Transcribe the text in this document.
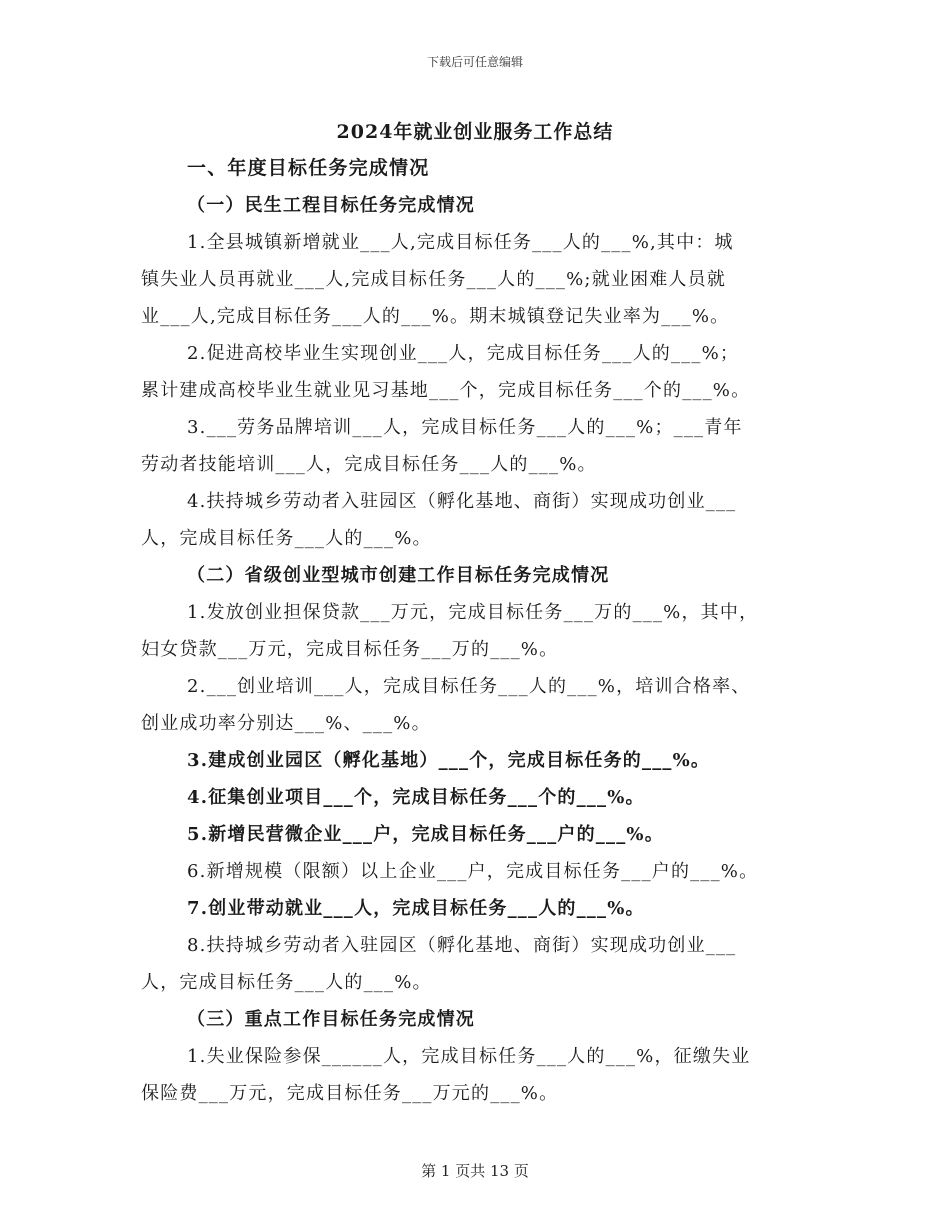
下载后可任意编辑
2024年就业创业服务工作总结
一、年度目标任务完成情况
（一）民生工程目标任务完成情况
1.全县城镇新增就业___人,完成目标任务___人的___%,其中：城
镇失业人员再就业___人,完成目标任务___人的___%;就业困难人员就
业___人,完成目标任务___人的___%。期末城镇登记失业率为___%。
2.促进高校毕业生实现创业___人，完成目标任务___人的___%；
累计建成高校毕业生就业见习基地___个，完成目标任务___个的___%。
3.___劳务品牌培训___人，完成目标任务___人的___%；___青年
劳动者技能培训___人，完成目标任务___人的___%。
4.扶持城乡劳动者入驻园区（孵化基地、商街）实现成功创业___
人，完成目标任务___人的___%。
（二）省级创业型城市创建工作目标任务完成情况
1.发放创业担保贷款___万元，完成目标任务___万的___%，其中，
妇女贷款___万元，完成目标任务___万的___%。
2.___创业培训___人，完成目标任务___人的___%，培训合格率、
创业成功率分别达___%、___%。
3.建成创业园区（孵化基地）___个，完成目标任务的___%。
4.征集创业项目___个，完成目标任务___个的___%。
5.新增民营微企业___户，完成目标任务___户的___%。
6.新增规模（限额）以上企业___户，完成目标任务___户的___%。
7.创业带动就业___人，完成目标任务___人的___%。
8.扶持城乡劳动者入驻园区（孵化基地、商街）实现成功创业___
人，完成目标任务___人的___%。
（三）重点工作目标任务完成情况
1.失业保险参保______人，完成目标任务___人的___%，征缴失业
保险费___万元，完成目标任务___万元的___%。
第 1 页共 13 页
